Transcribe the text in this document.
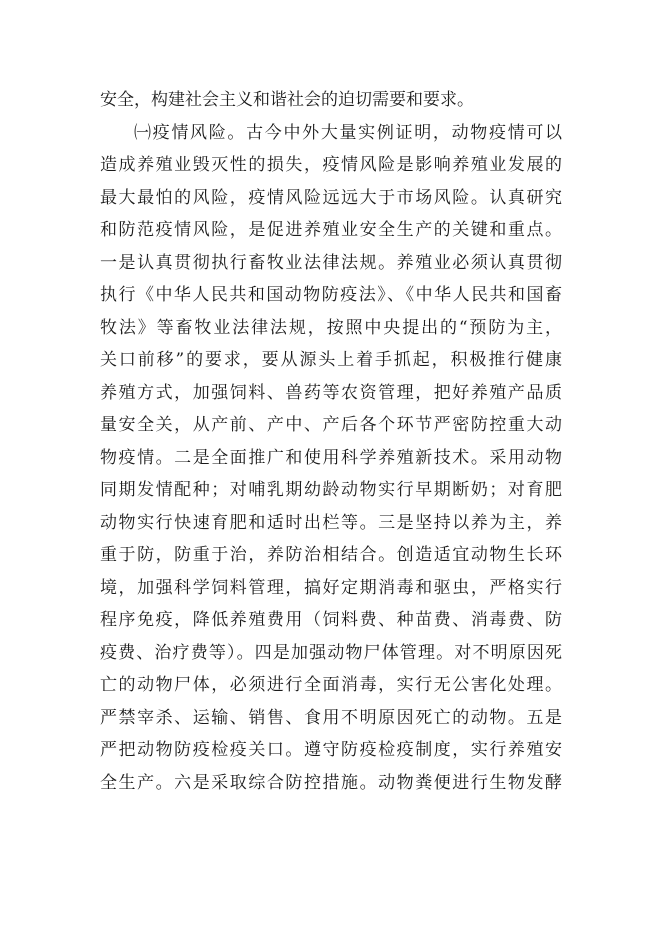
安全，构建社会主义和谐社会的迫切需要和要求。
㈠疫情风险。古今中外大量实例证明，动物疫情可以
造成养殖业毁灭性的损失，疫情风险是影响养殖业发展的
最大最怕的风险，疫情风险远远大于市场风险。认真研究
和防范疫情风险，是促进养殖业安全生产的关键和重点。
一是认真贯彻执行畜牧业法律法规。养殖业必须认真贯彻
执行《中华人民共和国动物防疫法》、《中华人民共和国畜
牧法》等畜牧业法律法规，按照中央提出的“预防为主，
关口前移”的要求，要从源头上着手抓起，积极推行健康
养殖方式，加强饲料、兽药等农资管理，把好养殖产品质
量安全关，从产前、产中、产后各个环节严密防控重大动
物疫情。二是全面推广和使用科学养殖新技术。采用动物
同期发情配种；对哺乳期幼龄动物实行早期断奶；对育肥
动物实行快速育肥和适时出栏等。三是坚持以养为主，养
重于防，防重于治，养防治相结合。创造适宜动物生长环
境，加强科学饲料管理，搞好定期消毒和驱虫，严格实行
程序免疫，降低养殖费用（饲料费、种苗费、消毒费、防
疫费、治疗费等）。四是加强动物尸体管理。对不明原因死
亡的动物尸体，必须进行全面消毒，实行无公害化处理。
严禁宰杀、运输、销售、食用不明原因死亡的动物。五是
严把动物防疫检疫关口。遵守防疫检疫制度，实行养殖安
全生产。六是采取综合防控措施。动物粪便进行生物发酵
